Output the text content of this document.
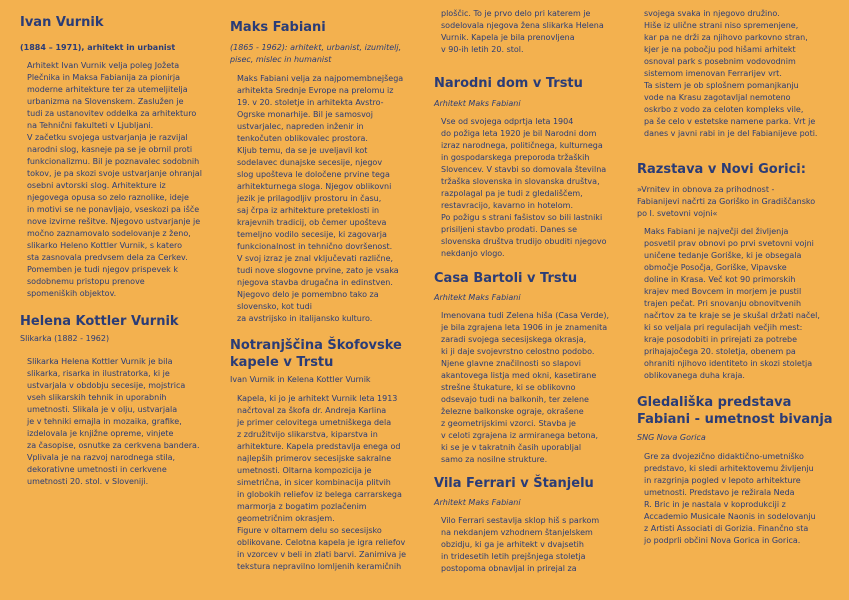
Ivan Vurnik
(1884 – 1971), arhitekt in urbanist
Arhitekt Ivan Vurnik velja poleg Jožeta
Plečnika in Maksa Fabianija za pionirja
moderne arhitekture ter za utemeljitelja
urbanizma na Slovenskem. Zaslužen je
tudi za ustanovitev oddelka za arhitekturo
na Tehnični fakulteti v Ljubljani.
V začetku svojega ustvarjanja je razvijal
narodni slog, kasneje pa se je obrnil proti
funkcionalizmu. Bil je poznavalec sodobnih
tokov, je pa skozi svoje ustvarjanje ohranjal
osebni avtorski slog. Arhitekture iz
njegovega opusa so zelo raznolike, ideje
in motivi se ne ponavljajo, vseskozi pa išče
nove izvirne rešitve. Njegovo ustvarjanje je
močno zaznamovalo sodelovanje z ženo,
slikarko Heleno Kottler Vurnik, s katero
sta zasnovala predvsem dela za Cerkev.
Pomemben je tudi njegov prispevek k
sodobnemu pristopu prenove
spomeniških objektov.
Helena Kottler Vurnik
Slikarka (1882 - 1962)
Slikarka Helena Kottler Vurnik je bila
slikarka, risarka in ilustratorka, ki je
ustvarjala v obdobju secesije, mojstrica
vseh slikarskih tehnik in uporabnih
umetnosti. Slikala je v olju, ustvarjala
je v tehniki emajla in mozaika, grafike,
izdelovala je knjižne opreme, vinjete
za časopise, osnutke za cerkvena bandera.
Vplivala je na razvoj narodnega stila,
dekorativne umetnosti in cerkvene
umetnosti 20. stol. v Sloveniji.
Maks Fabiani
(1865 - 1962): arhitekt, urbanist, izumitelj,
pisec, mislec in humanist
Maks Fabiani velja za najpomembnejšega
arhitekta Srednje Evrope na prelomu iz
19. v 20. stoletje in arhitekta Avstro-
Ogrske monarhije. Bil je samosvoj
ustvarjalec, napreden inženir in
tenkočuten oblikovalec prostora.
Kljub temu, da se je uveljavil kot
sodelavec dunajske secesije, njegov
slog upošteva le določene prvine tega
arhitekturnega sloga. Njegov oblikovni
jezik je prilagodljiv prostoru in času,
saj črpa iz arhitekture preteklosti in
krajevnih tradicij, ob čemer upošteva
temeljno vodilo secesije, ki zagovarja
funkcionalnost in tehnično dovršenost.
V svoj izraz je znal vključevati različne,
tudi nove slogovne prvine, zato je vsaka
njegova stavba drugačna in edinstven.
Njegovo delo je pomembno tako za
slovensko, kot tudi
za avstrijsko in italijansko kulturo.
Notranjščina Škofovske
kapele v Trstu
Ivan Vurnik in Kelena Kottler Vurnik
Kapela, ki jo je arhitekt Vurnik leta 1913
načrtoval za škofa dr. Andreja Karlina
je primer celovitega umetniškega dela
z združitvijo slikarstva, kiparstva in
arhitekture. Kapela predstavlja enega od
najlepših primerov secesijske sakralne
umetnosti. Oltarna kompozicija je
simetrična, in sicer kombinacija plitvih
in globokih reliefov iz belega carrarskega
marmorja z bogatim pozlačenim
geometričnim okrasjem.
Figure v oltarnem delu so secesijsko
oblikovane. Celotna kapela je igra reliefov
in vzorcev v beli in zlati barvi. Zanimiva je
tekstura nepravilno lomljenih keramičnih
ploščic. To je prvo delo pri katerem je
sodelovala njegova žena slikarka Helena
Vurnik. Kapela je bila prenovljena
v 90-ih letih 20. stol.
Narodni dom v Trstu
Arhitekt Maks Fabiani
Vse od svojega odprtja leta 1904
do požiga leta 1920 je bil Narodni dom
izraz narodnega, političnega, kulturnega
in gospodarskega preporoda tržaških
Slovencev. V stavbi so domovala številna
tržaška slovenska in slovanska društva,
razpolagal pa je tudi z gledališčem,
restavracijo, kavarno in hotelom.
Po požigu s strani fašistov so bili lastniki
prisiljeni stavbo prodati. Danes se
slovenska društva trudijo obuditi njegovo
nekdanjo vlogo.
Casa Bartoli v Trstu
Arhitekt Maks Fabiani
Imenovana tudi Zelena hiša (Casa Verde),
je bila zgrajena leta 1906 in je znamenita
zaradi svojega secesijskega okrasja,
ki ji daje svojevrstno celostno podobo.
Njene glavne značilnosti so slapovi
akantovega listja med okni, kasetirane
strešne štukature, ki se oblikovno
odsevajo tudi na balkonih, ter zelene
železne balkonske ograje, okrašene
z geometrijskimi vzorci. Stavba je
v celoti zgrajena iz armiranega betona,
ki se je v takratnih časih uporabljal
samo za nosilne strukture.
Vila Ferrari v Štanjelu
Arhitekt Maks Fabiani
Vilo Ferrari sestavlja sklop hiš s parkom
na nekdanjem vzhodnem štanjelskem
obzidju, ki ga je arhitekt v dvajsetih
in tridesetih letih prejšnjega stoletja
postopoma obnavljal in prirejal za
svojega svaka in njegovo družino.
Hiše iz ulične strani niso spremenjene,
kar pa ne drži za njihovo parkovno stran,
kjer je na pobočju pod hišami arhitekt
osnoval park s posebnim vodovodnim
sistemom imenovan Ferrarijev vrt.
Ta sistem je ob splošnem pomanjkanju
vode na Krasu zagotavljal nemoteno
oskrbo z vodo za celoten kompleks vile,
pa še celo v estetske namene parka. Vrt je
danes v javni rabi in je del Fabianijeve poti.
Razstava v Novi Gorici:
»Vrnitev in obnova za prihodnost -
Fabianijevi načrti za Goriško in Gradiščansko
po I. svetovni vojni«
Maks Fabiani je največji del življenja
posvetil prav obnovi po prvi svetovni vojni
uničene tedanje Goriške, ki je obsegala
območje Posočja, Goriške, Vipavske
doline in Krasa. Več kot 90 primorskih
krajev med Bovcem in morjem je pustil
trajen pečat. Pri snovanju obnovitvenih
načrtov za te kraje se je skušal držati načel,
ki so veljala pri regulacijah večjih mest:
kraje posodobiti in prirejati za potrebe
prihajajočega 20. stoletja, obenem pa
ohraniti njihovo identiteto in skozi stoletja
oblikovanega duha kraja.
Gledališka predstava
Fabiani - umetnost bivanja
SNG Nova Gorica
Gre za dvojezično didaktično-umetniško
predstavo, ki sledi arhitektovemu življenju
in razgrinja pogled v lepoto arhitekture
umetnosti. Predstavo je režirala Neda
R. Bric in je nastala v koprodukciji z
Accademio Musicale Naonis in sodelovanju
z Artisti Associati di Gorizia. Finančno sta
jo podprli občini Nova Gorica in Gorica.
